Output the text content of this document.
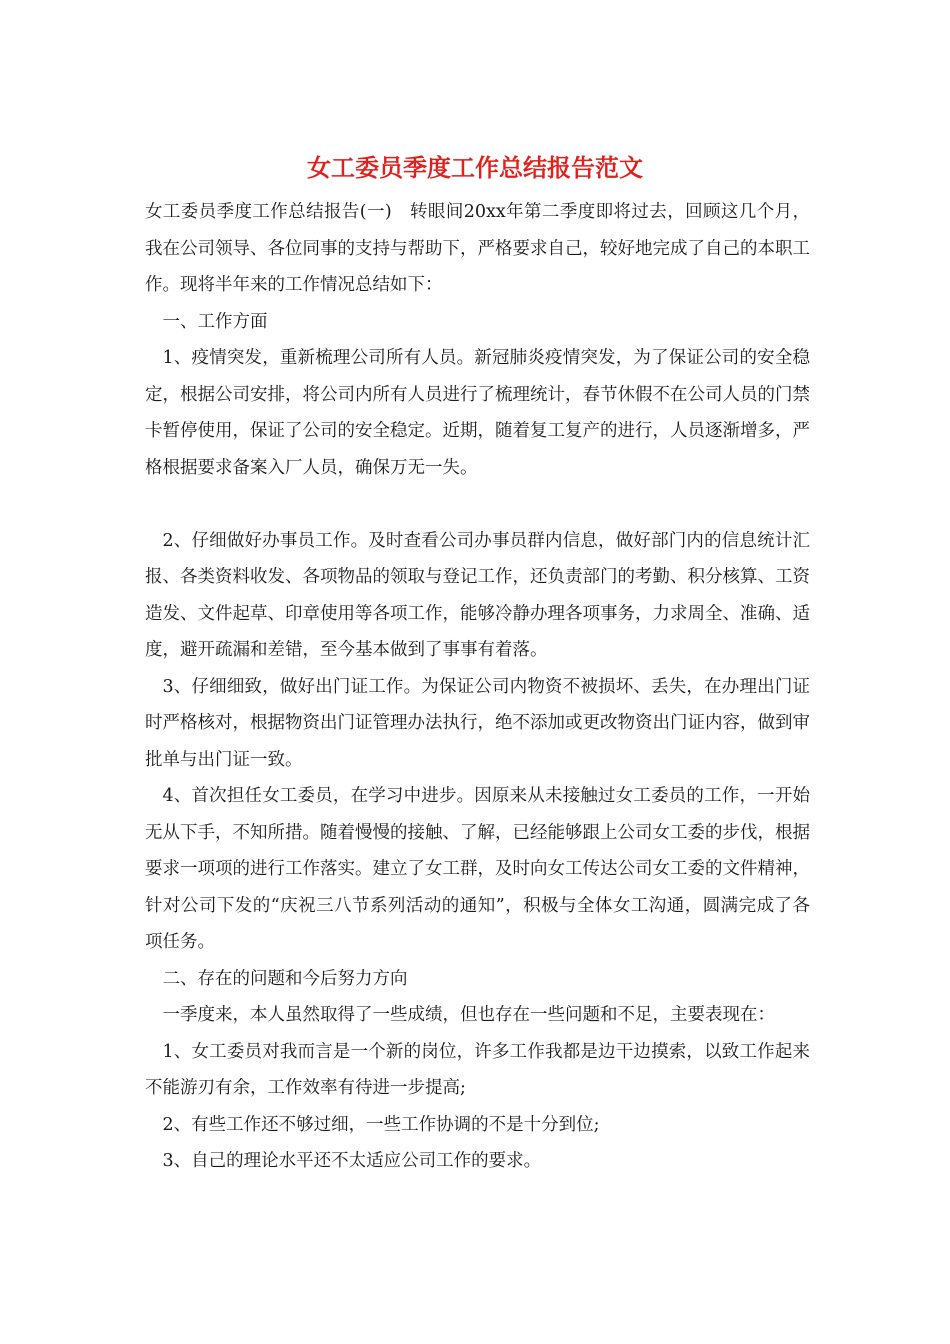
女工委员季度工作总结报告范文

女工委员季度工作总结报告(一)　转眼间20xx年第二季度即将过去，回顾这几个月，我在公司领导、各位同事的支持与帮助下，严格要求自己，较好地完成了自己的本职工作。现将半年来的工作情况总结如下：

一、工作方面

1、疫情突发，重新梳理公司所有人员。新冠肺炎疫情突发，为了保证公司的安全稳定，根据公司安排，将公司内所有人员进行了梳理统计，春节休假不在公司人员的门禁卡暂停使用，保证了公司的安全稳定。近期，随着复工复产的进行，人员逐渐增多，严格根据要求备案入厂人员，确保万无一失。

2、仔细做好办事员工作。及时查看公司办事员群内信息，做好部门内的信息统计汇报、各类资料收发、各项物品的领取与登记工作，还负责部门的考勤、积分核算、工资造发、文件起草、印章使用等各项工作，能够冷静办理各项事务，力求周全、准确、适度，避开疏漏和差错，至今基本做到了事事有着落。

3、仔细细致，做好出门证工作。为保证公司内物资不被损坏、丢失，在办理出门证时严格核对，根据物资出门证管理办法执行，绝不添加或更改物资出门证内容，做到审批单与出门证一致。

4、首次担任女工委员，在学习中进步。因原来从未接触过女工委员的工作，一开始无从下手，不知所措。随着慢慢的接触、了解，已经能够跟上公司女工委的步伐，根据要求一项项的进行工作落实。建立了女工群，及时向女工传达公司女工委的文件精神，针对公司下发的“庆祝三八节系列活动的通知”，积极与全体女工沟通，圆满完成了各项任务。

二、存在的问题和今后努力方向

一季度来，本人虽然取得了一些成绩，但也存在一些问题和不足，主要表现在：

1、女工委员对我而言是一个新的岗位，许多工作我都是边干边摸索，以致工作起来不能游刃有余，工作效率有待进一步提高;

2、有些工作还不够过细，一些工作协调的不是十分到位;

3、自己的理论水平还不太适应公司工作的要求。
